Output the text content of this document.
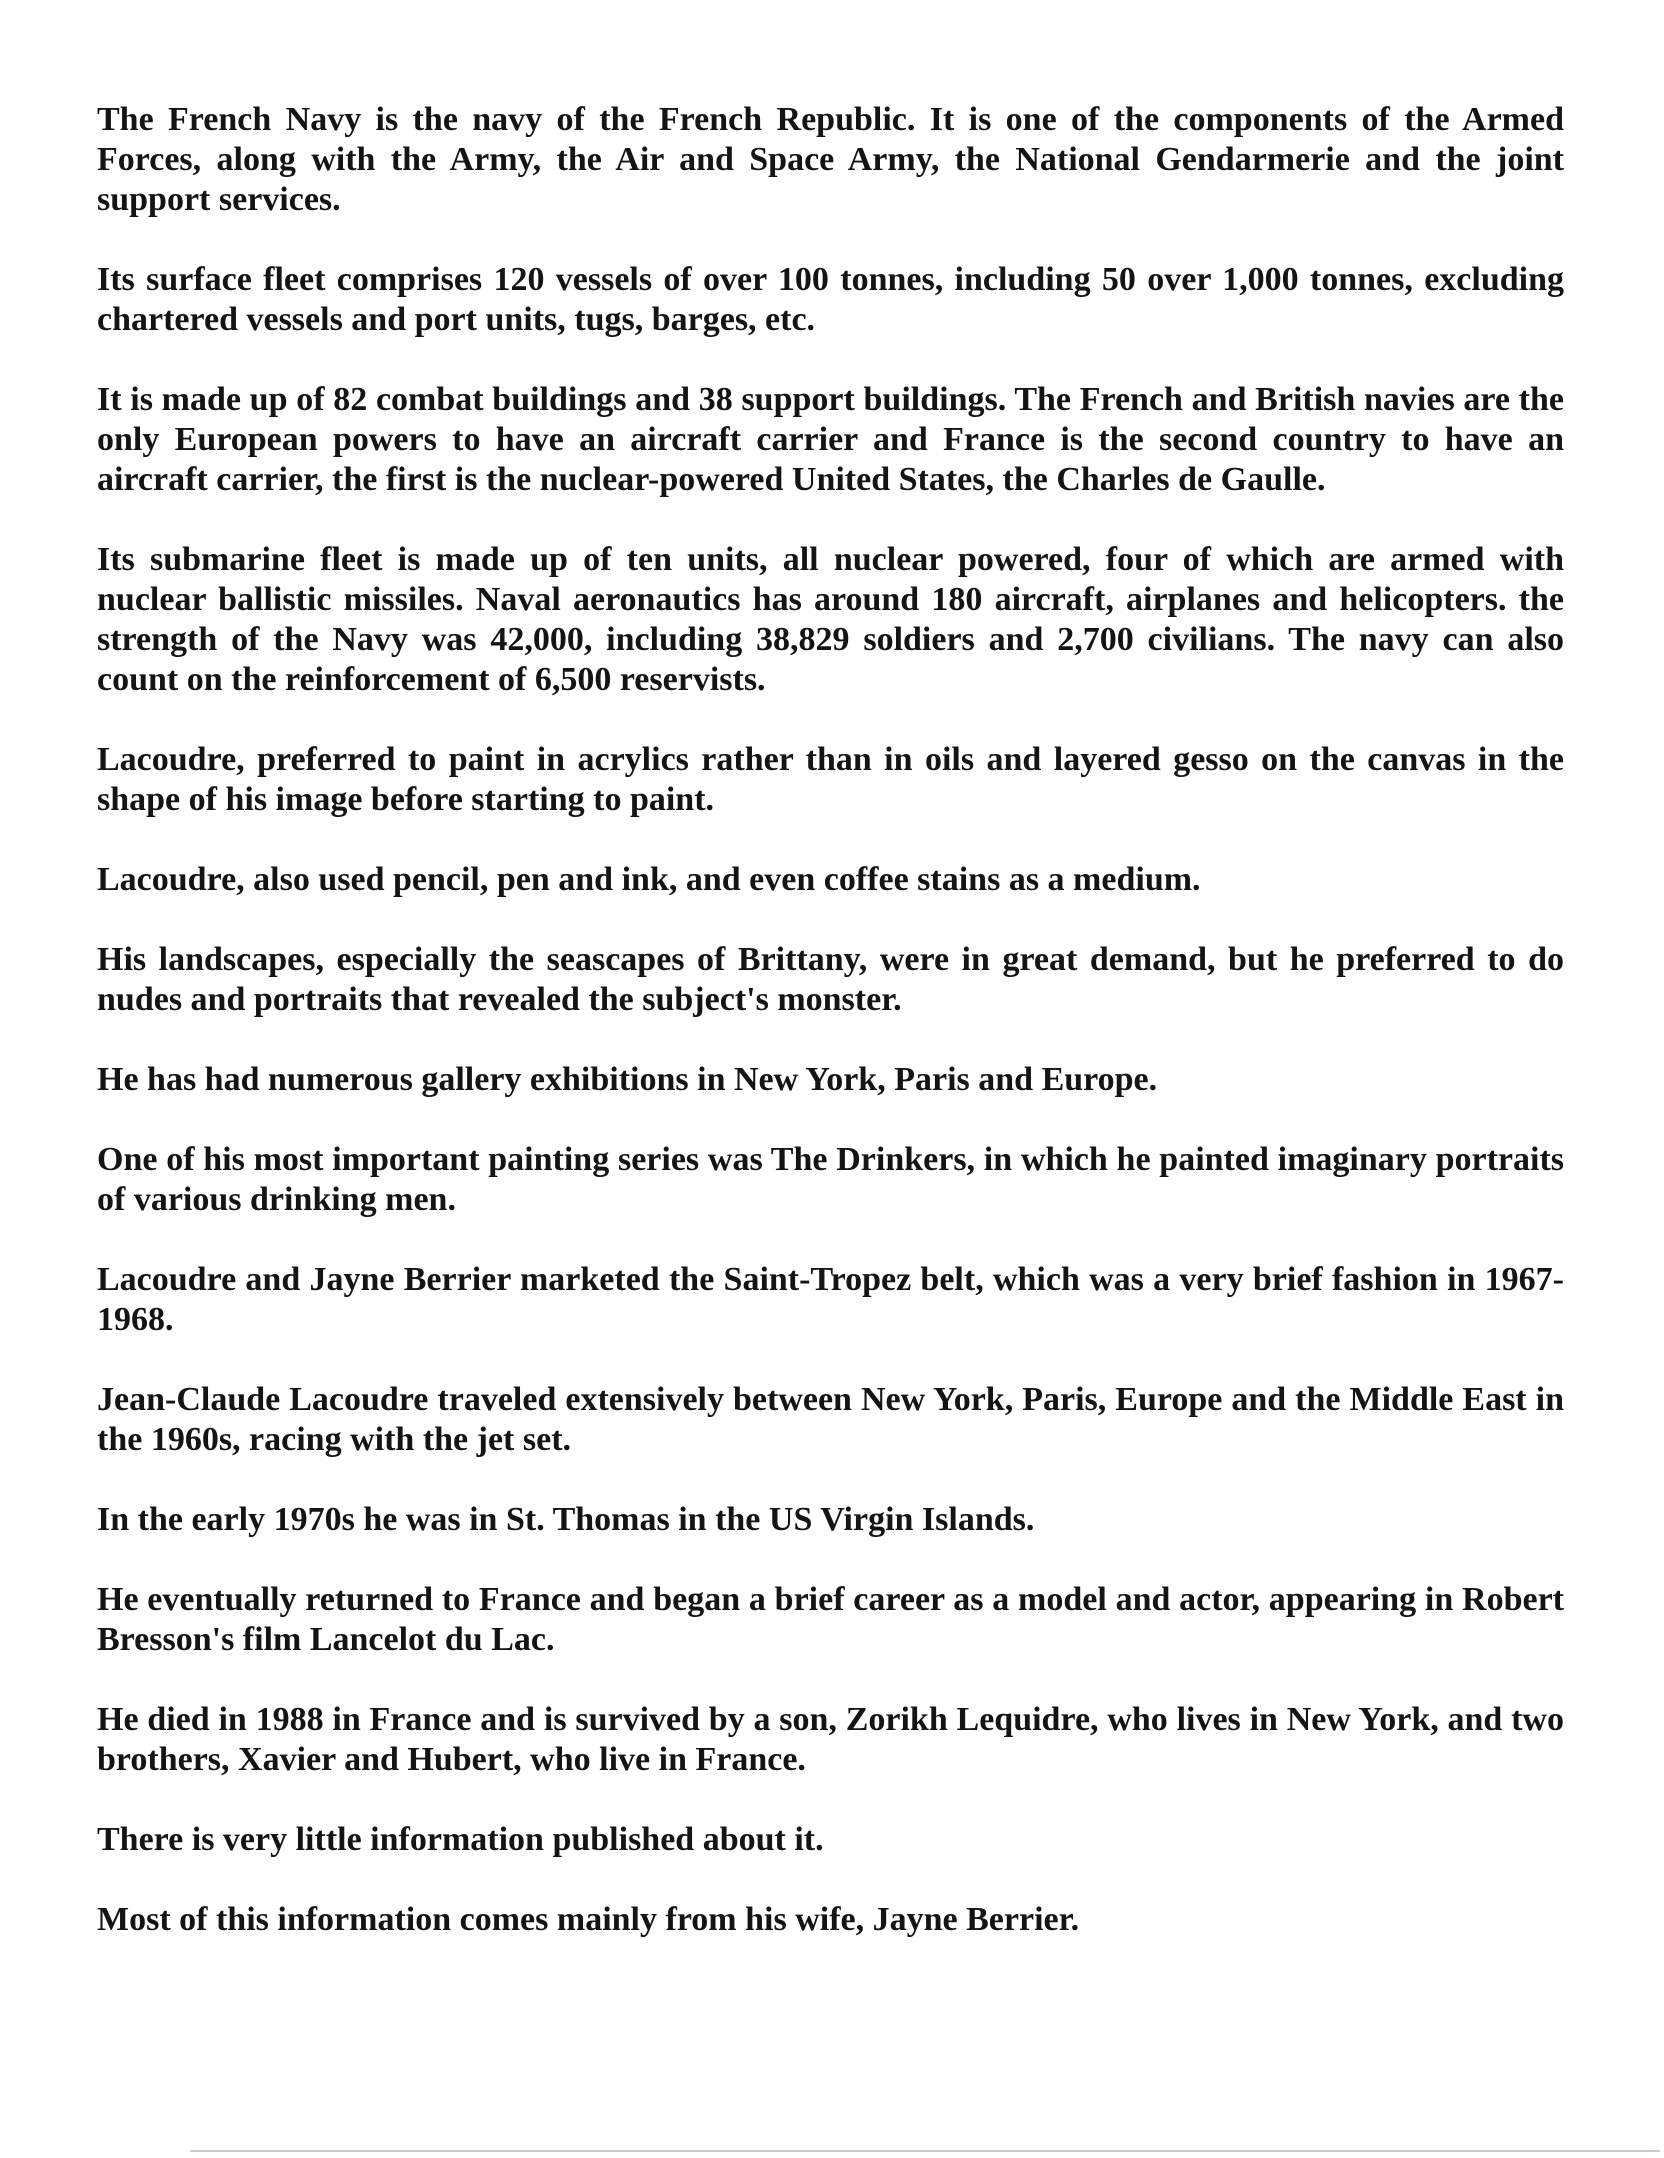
The French Navy is the navy of the French Republic. It is one of the components of the Armed Forces, along with the Army, the Air and Space Army, the National Gendarmerie and the joint support services.

Its surface fleet comprises 120 vessels of over 100 tonnes, including 50 over 1,000 tonnes, excluding chartered vessels and port units, tugs, barges, etc.

It is made up of 82 combat buildings and 38 support buildings. The French and British navies are the only European powers to have an aircraft carrier and France is the second country to have an aircraft carrier, the first is the nuclear-powered United States, the Charles de Gaulle.

Its submarine fleet is made up of ten units, all nuclear powered, four of which are armed with nuclear ballistic missiles. Naval aeronautics has around 180 aircraft, airplanes and helicopters. the strength of the Navy was 42,000, including 38,829 soldiers and 2,700 civilians. The navy can also count on the reinforcement of 6,500 reservists.

Lacoudre, preferred to paint in acrylics rather than in oils and layered gesso on the canvas in the shape of his image before starting to paint.

Lacoudre, also used pencil, pen and ink, and even coffee stains as a medium.

His landscapes, especially the seascapes of Brittany, were in great demand, but he preferred to do nudes and portraits that revealed the subject's monster.

He has had numerous gallery exhibitions in New York, Paris and Europe.

One of his most important painting series was The Drinkers, in which he painted imaginary portraits of various drinking men.

Lacoudre and Jayne Berrier marketed the Saint-Tropez belt, which was a very brief fashion in 1967-1968.

Jean-Claude Lacoudre traveled extensively between New York, Paris, Europe and the Middle East in the 1960s, racing with the jet set.

In the early 1970s he was in St. Thomas in the US Virgin Islands.

He eventually returned to France and began a brief career as a model and actor, appearing in Robert Bresson's film Lancelot du Lac.

He died in 1988 in France and is survived by a son, Zorikh Lequidre, who lives in New York, and two brothers, Xavier and Hubert, who live in France.

There is very little information published about it.

Most of this information comes mainly from his wife, Jayne Berrier.
